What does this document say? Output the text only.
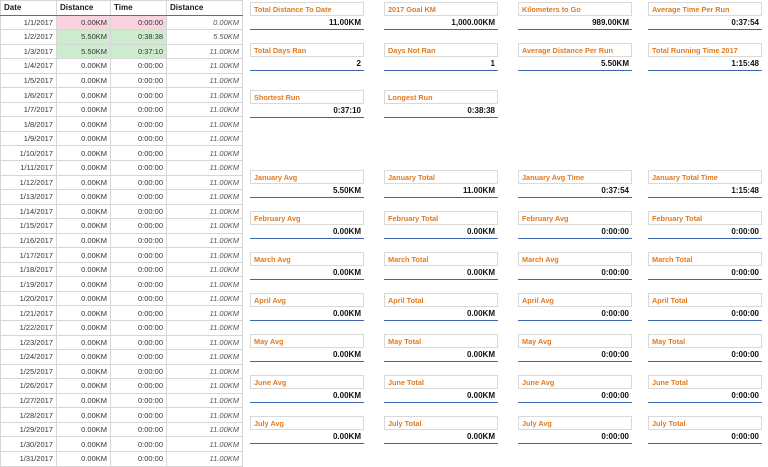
Date	Distance	Time	Distance
1/1/2017	0.00KM	0:00:00	0.00KM
1/2/2017	5.50KM	0:38:38	5.50KM
1/3/2017	5.50KM	0:37:10	11.00KM
1/4/2017	0.00KM	0:00:00	11.00KM
1/5/2017	0.00KM	0:00:00	11.00KM
1/6/2017	0.00KM	0:00:00	11.00KM
1/7/2017	0.00KM	0:00:00	11.00KM
1/8/2017	0.00KM	0:00:00	11.00KM
1/9/2017	0.00KM	0:00:00	11.00KM
1/10/2017	0.00KM	0:00:00	11.00KM
1/11/2017	0.00KM	0:00:00	11.00KM
1/12/2017	0.00KM	0:00:00	11.00KM
1/13/2017	0.00KM	0:00:00	11.00KM
1/14/2017	0.00KM	0:00:00	11.00KM
1/15/2017	0.00KM	0:00:00	11.00KM
1/16/2017	0.00KM	0:00:00	11.00KM
1/17/2017	0.00KM	0:00:00	11.00KM
1/18/2017	0.00KM	0:00:00	11.00KM
1/19/2017	0.00KM	0:00:00	11.00KM
1/20/2017	0.00KM	0:00:00	11.00KM
1/21/2017	0.00KM	0:00:00	11.00KM
1/22/2017	0.00KM	0:00:00	11.00KM
1/23/2017	0.00KM	0:00:00	11.00KM
1/24/2017	0.00KM	0:00:00	11.00KM
1/25/2017	0.00KM	0:00:00	11.00KM
1/26/2017	0.00KM	0:00:00	11.00KM
1/27/2017	0.00KM	0:00:00	11.00KM
1/28/2017	0.00KM	0:00:00	11.00KM
1/29/2017	0.00KM	0:00:00	11.00KM
1/30/2017	0.00KM	0:00:00	11.00KM
1/31/2017	0.00KM	0:00:00	11.00KM
Total Distance To Date
11.00KM
2017 Goal KM
1,000.00KM
Kilometers to Go
989.00KM
Average Time Per Run
0:37:54
Total Days Ran
2
Days Not Ran
1
Average Distance Per Run
5.50KM
Total Running Time 2017
1:15:48
Shortest Run
0:37:10
Longest Run
0:38:38
January Avg
5.50KM
January Total
11.00KM
January Avg Time
0:37:54
January Total Time
1:15:48
February Avg
0.00KM
February Total
0.00KM
February Avg
0:00:00
February Total
0:00:00
March Avg
0.00KM
March Total
0.00KM
March Avg
0:00:00
March Total
0:00:00
April Avg
0.00KM
April Total
0.00KM
April Avg
0:00:00
April Total
0:00:00
May Avg
0.00KM
May Total
0.00KM
May Avg
0:00:00
May Total
0:00:00
June Avg
0.00KM
June Total
0.00KM
June Avg
0:00:00
June Total
0:00:00
July Avg
0.00KM
July Total
0.00KM
July Avg
0:00:00
July Total
0:00:00
